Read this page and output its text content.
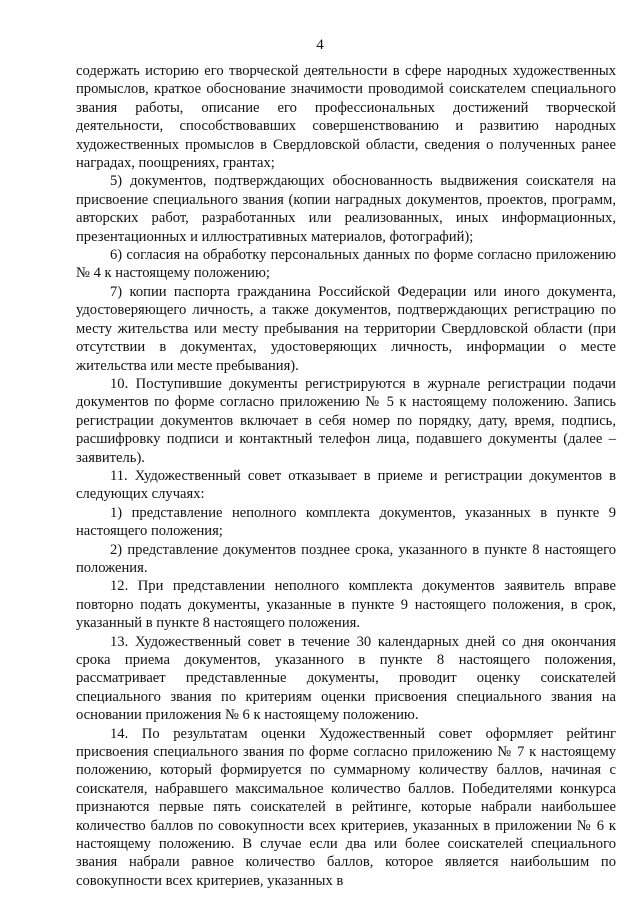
4

содержать историю его творческой деятельности в сфере народных художественных промыслов, краткое обоснование значимости проводимой соискателем специального звания работы, описание его профессиональных достижений творческой деятельности, способствовавших совершенствованию и развитию народных художественных промыслов в Свердловской области, сведения о полученных ранее наградах, поощрениях, грантах;

5) документов, подтверждающих обоснованность выдвижения соискателя на присвоение специального звания (копии наградных документов, проектов, программ, авторских работ, разработанных или реализованных, иных информационных, презентационных и иллюстративных материалов, фотографий);

6) согласия на обработку персональных данных по форме согласно приложению № 4 к настоящему положению;

7) копии паспорта гражданина Российской Федерации или иного документа, удостоверяющего личность, а также документов, подтверждающих регистрацию по месту жительства или месту пребывания на территории Свердловской области (при отсутствии в документах, удостоверяющих личность, информации о месте жительства или месте пребывания).

10. Поступившие документы регистрируются в журнале регистрации подачи документов по форме согласно приложению № 5 к настоящему положению. Запись регистрации документов включает в себя номер по порядку, дату, время, подпись, расшифровку подписи и контактный телефон лица, подавшего документы (далее – заявитель).

11. Художественный совет отказывает в приеме и регистрации документов в следующих случаях:

1) представление неполного комплекта документов, указанных в пункте 9 настоящего положения;

2) представление документов позднее срока, указанного в пункте 8 настоящего положения.

12. При представлении неполного комплекта документов заявитель вправе повторно подать документы, указанные в пункте 9 настоящего положения, в срок, указанный в пункте 8 настоящего положения.

13. Художественный совет в течение 30 календарных дней со дня окончания срока приема документов, указанного в пункте 8 настоящего положения, рассматривает представленные документы, проводит оценку соискателей специального звания по критериям оценки присвоения специального звания на основании приложения № 6 к настоящему положению.

14. По результатам оценки Художественный совет оформляет рейтинг присвоения специального звания по форме согласно приложению № 7 к настоящему положению, который формируется по суммарному количеству баллов, начиная с соискателя, набравшего максимальное количество баллов. Победителями конкурса признаются первые пять соискателей в рейтинге, которые набрали наибольшее количество баллов по совокупности всех критериев, указанных в приложении № 6 к настоящему положению. В случае если два или более соискателей специального звания набрали равное количество баллов, которое является наибольшим по совокупности всех критериев, указанных в
